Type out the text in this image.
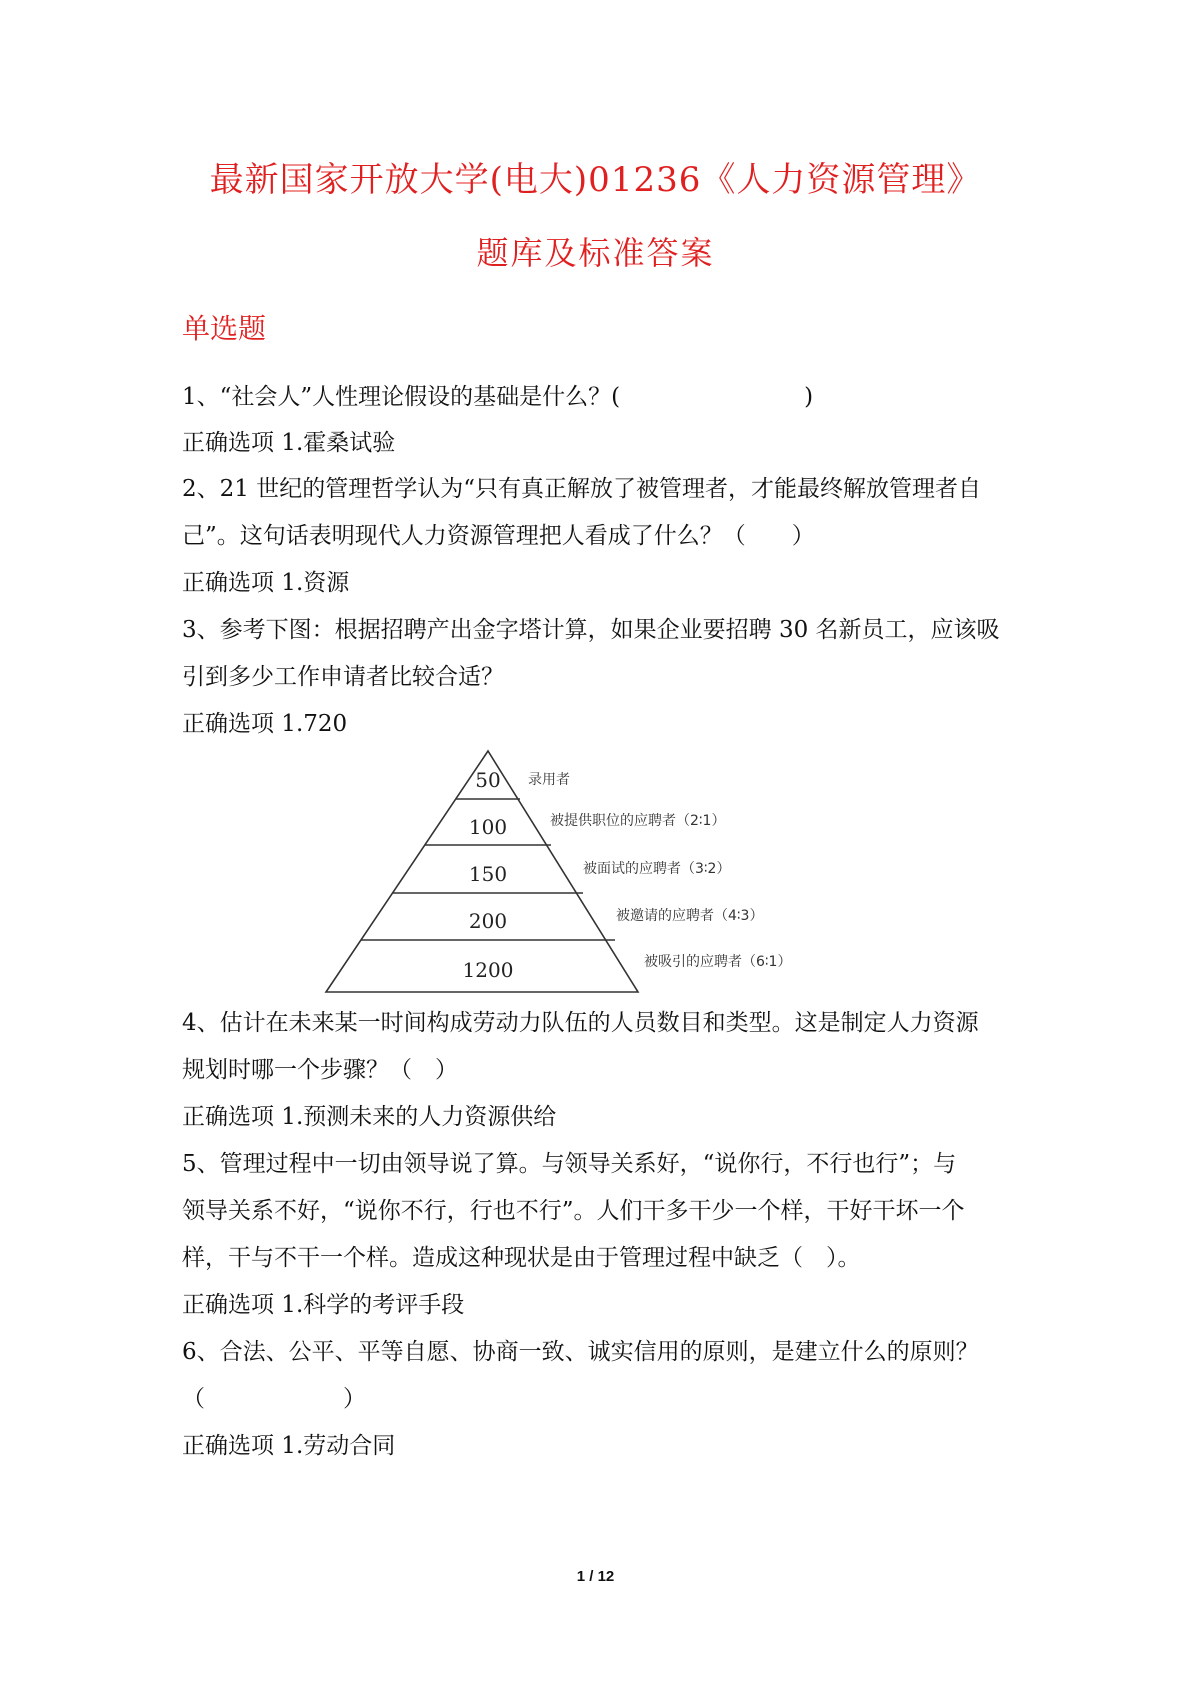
最新国家开放大学(电大)01236《人力资源管理》
题库及标准答案
单选题
1、“社会人”人性理论假设的基础是什么？(　　　　　　　　)
正确选项 1.霍桑试验
2、21 世纪的管理哲学认为“只有真正解放了被管理者，才能最终解放管理者自
己”。这句话表明现代人力资源管理把人看成了什么？（　　）
正确选项 1.资源
3、参考下图：根据招聘产出金字塔计算，如果企业要招聘 30 名新员工，应该吸
引到多少工作申请者比较合适？
正确选项 1.720
50
100
150
200
1200
录用者
被提供职位的应聘者（2∶1）
被面试的应聘者（3∶2）
被邀请的应聘者（4∶3）
被吸引的应聘者（6∶1）
4、估计在未来某一时间构成劳动力队伍的人员数目和类型。这是制定人力资源
规划时哪一个步骤？（　）
正确选项 1.预测未来的人力资源供给
5、管理过程中一切由领导说了算。与领导关系好，“说你行，不行也行”；与
领导关系不好，“说你不行，行也不行”。人们干多干少一个样，干好干坏一个
样，干与不干一个样。造成这种现状是由于管理过程中缺乏（　）。
正确选项 1.科学的考评手段
6、合法、公平、平等自愿、协商一致、诚实信用的原则，是建立什么的原则？
（　　　　　　）
正确选项 1.劳动合同
1 / 12
